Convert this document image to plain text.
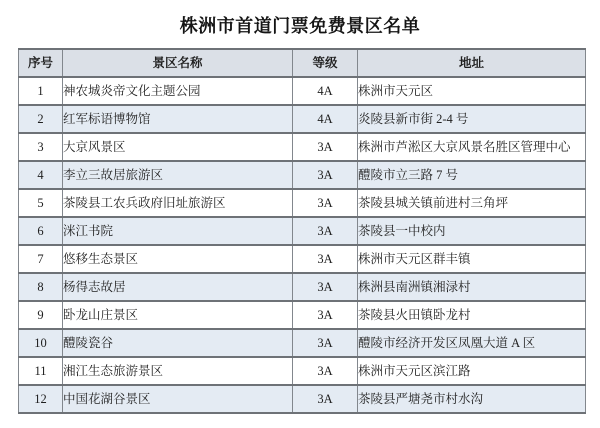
株洲市首道门票免费景区名单
序号	景区名称	等级	地址
1	神农城炎帝文化主题公园	4A	株洲市天元区
2	红军标语博物馆	4A	炎陵县新市街 2-4 号
3	大京风景区	3A	株洲市芦淞区大京风景名胜区管理中心
4	李立三故居旅游区	3A	醴陵市立三路 7 号
5	茶陵县工农兵政府旧址旅游区	3A	茶陵县城关镇前进村三角坪
6	洣江书院	3A	茶陵县一中校内
7	悠移生态景区	3A	株洲市天元区群丰镇
8	杨得志故居	3A	株洲县南洲镇湘渌村
9	卧龙山庄景区	3A	茶陵县火田镇卧龙村
10	醴陵瓷谷	3A	醴陵市经济开发区凤凰大道 A 区
11	湘江生态旅游景区	3A	株洲市天元区滨江路
12	中国花湖谷景区	3A	茶陵县严塘尧市村水沟
